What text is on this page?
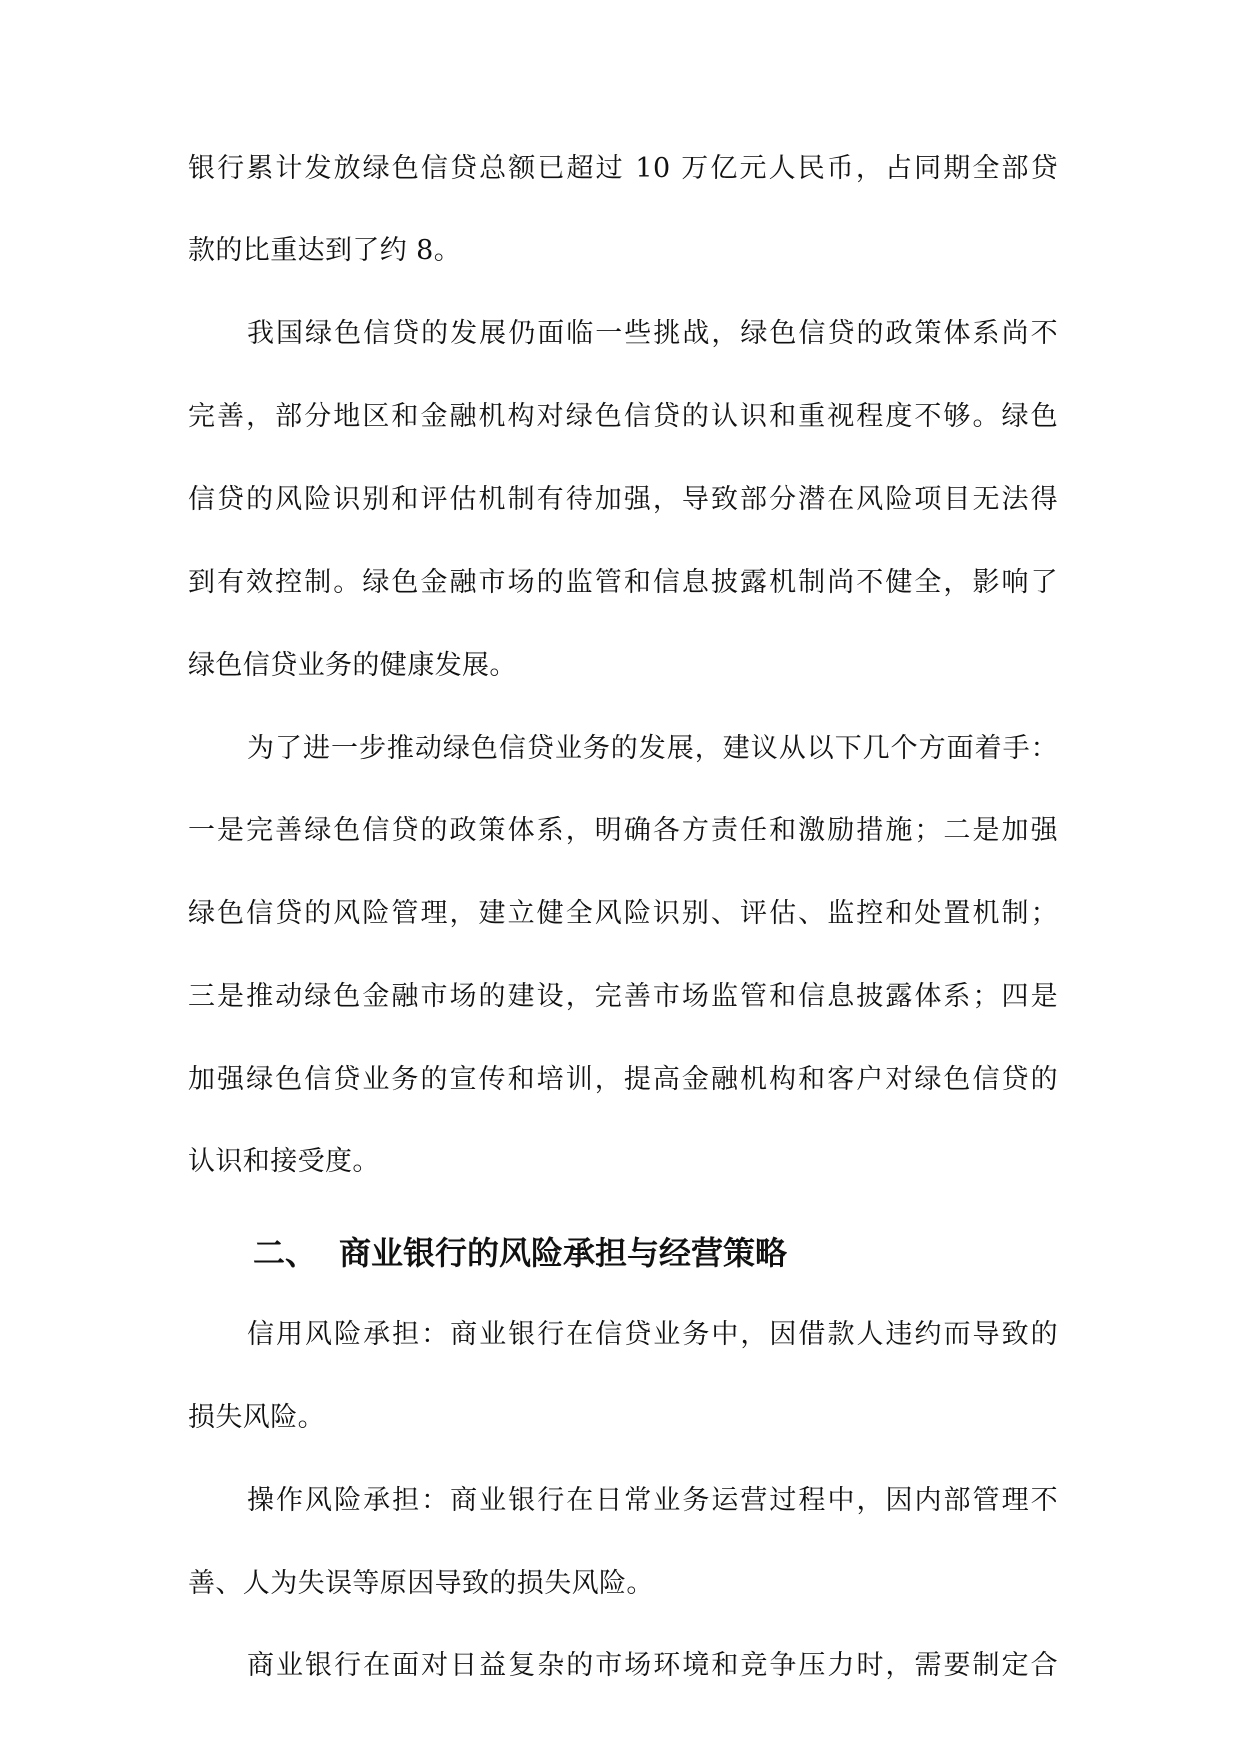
银行累计发放绿色信贷总额已超过 10 万亿元人民币，占同期全部贷
款的比重达到了约 8。
我国绿色信贷的发展仍面临一些挑战，绿色信贷的政策体系尚不
完善，部分地区和金融机构对绿色信贷的认识和重视程度不够。绿色
信贷的风险识别和评估机制有待加强，导致部分潜在风险项目无法得
到有效控制。绿色金融市场的监管和信息披露机制尚不健全，影响了
绿色信贷业务的健康发展。
为了进一步推动绿色信贷业务的发展，建议从以下几个方面着手：
一是完善绿色信贷的政策体系，明确各方责任和激励措施；二是加强
绿色信贷的风险管理，建立健全风险识别、评估、监控和处置机制；
三是推动绿色金融市场的建设，完善市场监管和信息披露体系；四是
加强绿色信贷业务的宣传和培训，提高金融机构和客户对绿色信贷的
认识和接受度。
二、 商业银行的风险承担与经营策略
信用风险承担：商业银行在信贷业务中，因借款人违约而导致的
损失风险。
操作风险承担：商业银行在日常业务运营过程中，因内部管理不
善、人为失误等原因导致的损失风险。
商业银行在面对日益复杂的市场环境和竞争压力时，需要制定合
